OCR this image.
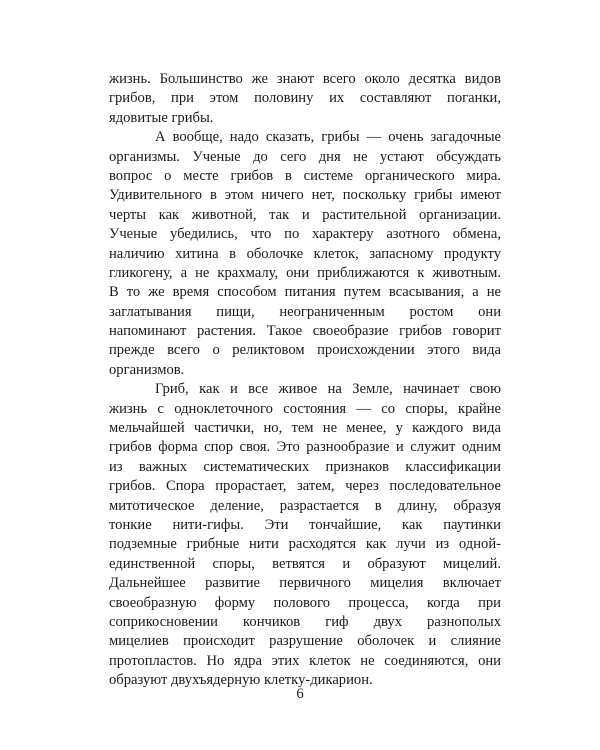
жизнь. Большинство же знают всего около десятка видов
грибов, при этом половину их составляют поганки,
ядовитые грибы.
А вообще, надо сказать, грибы — очень загадочные
организмы. Ученые до сего дня не устают обсуждать
вопрос о месте грибов в системе органического мира.
Удивительного в этом ничего нет, поскольку грибы имеют
черты как животной, так и растительной организации.
Ученые убедились, что по характеру азотного обмена,
наличию хитина в оболочке клеток, запасному продукту
гликогену, а не крахмалу, они приближаются к животным.
В то же время способом питания путем всасывания, а не
заглатывания пищи, неограниченным ростом они
напоминают растения. Такое своеобразие грибов говорит
прежде всего о реликтовом происхождении этого вида
организмов.
Гриб, как и все живое на Земле, начинает свою
жизнь с одноклеточного состояния — со споры, крайне
мельчайшей частички, но, тем не менее, у каждого вида
грибов форма спор своя. Это разнообразие и служит одним
из важных систематических признаков классификации
грибов. Спора прорастает, затем, через последовательное
митотическое деление, разрастается в длину, образуя
тонкие нити-гифы. Эти тончайшие, как паутинки
подземные грибные нити расходятся как лучи из одной-
единственной споры, ветвятся и образуют мицелий.
Дальнейшее развитие первичного мицелия включает
своеобразную форму полового процесса, когда при
соприкосновении кончиков гиф двух разнополых
мицелиев происходит разрушение оболочек и слияние
протопластов. Но ядра этих клеток не соединяются, они
образуют двухъядерную клетку-дикарион.
6
